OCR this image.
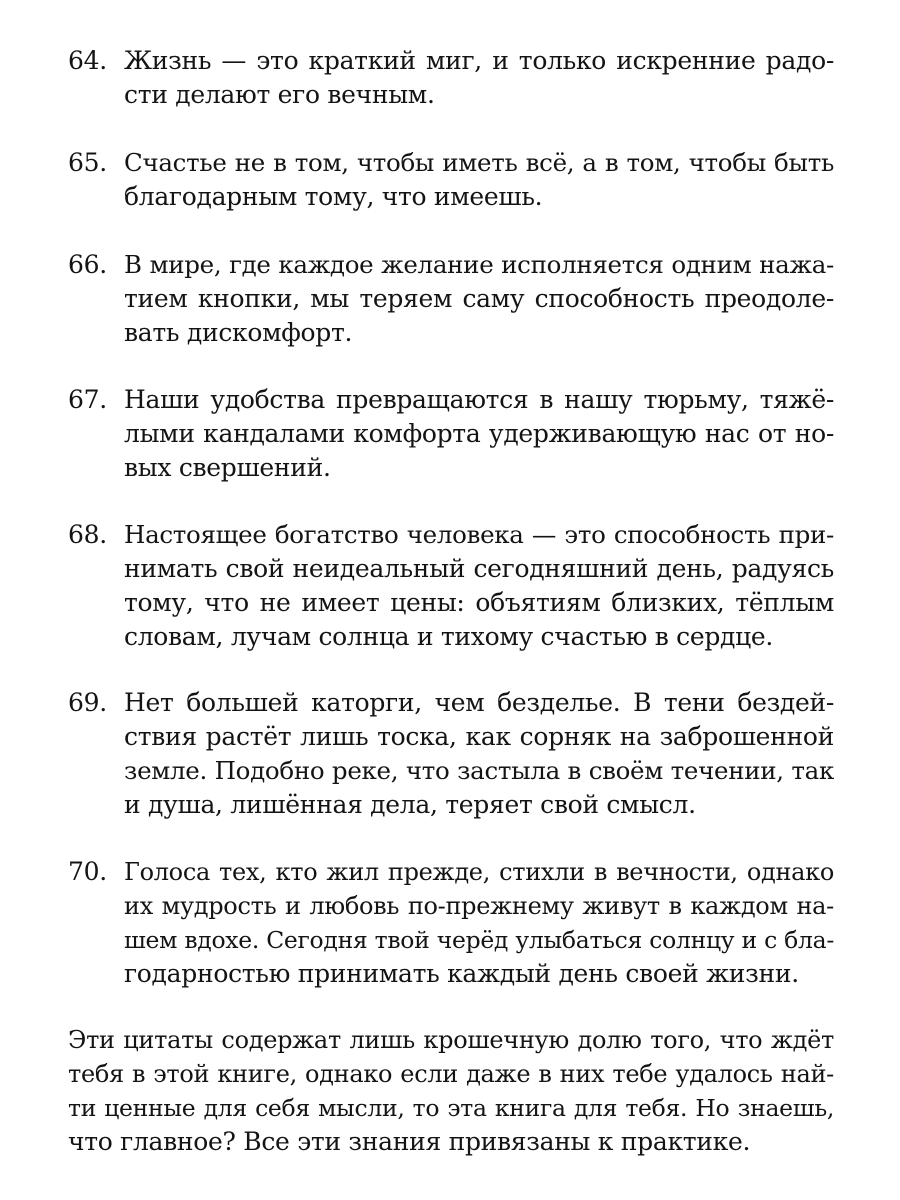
64. Жизнь — это краткий миг, и только искренние радо-
сти делают его вечным.
65. Счастье не в том, чтобы иметь всё, а в том, чтобы быть
благодарным тому, что имеешь.
66. В мире, где каждое желание исполняется одним нажа-
тием кнопки, мы теряем саму способность преодоле-
вать дискомфорт.
67. Наши удобства превращаются в нашу тюрьму, тяжё-
лыми кандалами комфорта удерживающую нас от но-
вых свершений.
68. Настоящее богатство человека — это способность при-
нимать свой неидеальный сегодняшний день, радуясь
тому, что не имеет цены: объятиям близких, тёплым
словам, лучам солнца и тихому счастью в сердце.
69. Нет большей каторги, чем безделье. В тени бездей-
ствия растёт лишь тоска, как сорняк на заброшенной
земле. Подобно реке, что застыла в своём течении, так
и душа, лишённая дела, теряет свой смысл.
70. Голоса тех, кто жил прежде, стихли в вечности, однако
их мудрость и любовь по-прежнему живут в каждом на-
шем вдохе. Сегодня твой черёд улыбаться солнцу и с бла-
годарностью принимать каждый день своей жизни.
Эти цитаты содержат лишь крошечную долю того, что ждёт
тебя в этой книге, однако если даже в них тебе удалось най-
ти ценные для себя мысли, то эта книга для тебя. Но знаешь,
что главное? Все эти знания привязаны к практике.
